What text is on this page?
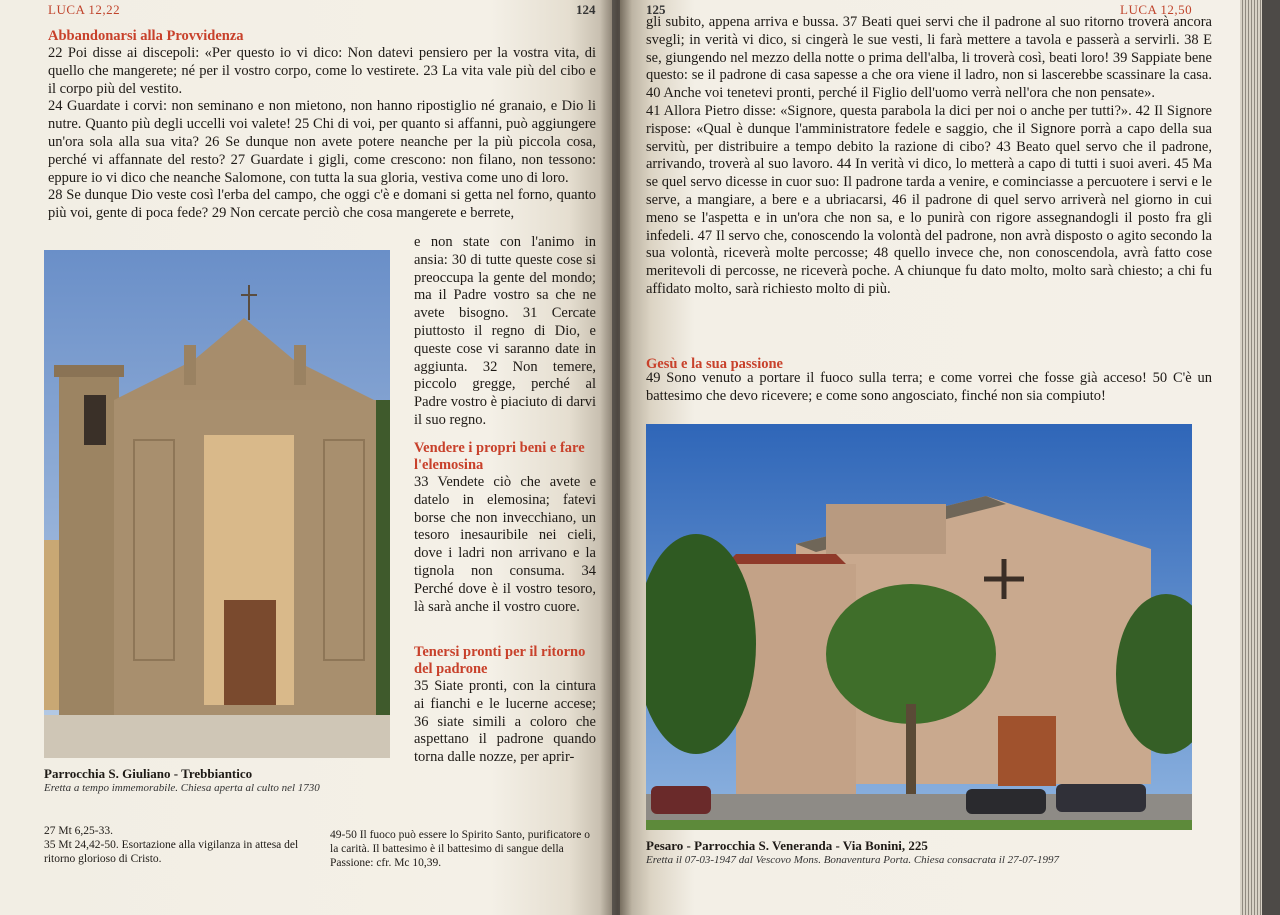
LUCA 12,22	124
Abbandonarsi alla Provvidenza

22 Poi disse ai discepoli: «Per questo io vi dico: Non datevi pensiero per la vostra vita, di quello che mangerete; né per il vostro corpo, come lo vestirete. 23 La vita vale più del cibo e il corpo più del vestito.

24 Guardate i corvi: non seminano e non mietono, non hanno ripostiglio né granaio, e Dio li nutre. Quanto più degli uccelli voi valete! 25 Chi di voi, per quanto si affanni, può aggiungere un'ora sola alla sua vita? 26 Se dunque non avete potere neanche per la più piccola cosa, perché vi affannate del resto? 27 Guardate i gigli, come crescono: non filano, non tessono: eppure io vi dico che neanche Salomone, con tutta la sua gloria, vestiva come uno di loro.

28 Se dunque Dio veste così l'erba del campo, che oggi c'è e domani si getta nel forno, quanto più voi, gente di poca fede? 29 Non cercate perciò che cosa mangerete e berrete,

Parrocchia S. Giuliano - Trebbiantico
Eretta a tempo immemorabile. Chiesa aperta al culto nel 1730
e non state con l'animo in ansia: 30 di tutte queste cose si preoccupa la gente del mondo; ma il Padre vostro sa che ne avete bisogno. 31 Cercate piuttosto il regno di Dio, e queste cose vi saranno date in aggiunta. 32 Non temere, piccolo gregge, perché al Padre vostro è piaciuto di darvi il suo regno.
Vendere i propri beni e fare l'elemosina
33 Vendete ciò che avete e datelo in elemosina; fatevi borse che non invecchiano, un tesoro inesauribile nei cieli, dove i ladri non arrivano e la tignola non consuma. 34 Perché dove è il vostro tesoro, là sarà anche il vostro cuore.
Tenersi pronti per il ritorno del padrone
35 Siate pronti, con la cintura ai fianchi e le lucerne accese; 36 siate simili a coloro che aspettano il padrone quando torna dalle nozze, per aprir-
27 Mt 6,25-33.
35 Mt 24,42-50. Esortazione alla vigilanza in attesa del ritorno glorioso di Cristo.
49-50 Il fuoco può essere lo Spirito Santo, purificatore o la carità. Il battesimo è il battesimo di sangue della Passione: cfr. Mc 10,39.
125	LUCA 12,50

gli subito, appena arriva e bussa. 37 Beati quei servi che il padrone al suo ritorno troverà ancora svegli; in verità vi dico, si cingerà le sue vesti, li farà mettere a tavola e passerà a servirli. 38 E se, giungendo nel mezzo della notte o prima dell'alba, li troverà così, beati loro! 39 Sappiate bene questo: se il padrone di casa sapesse a che ora viene il ladro, non si lascerebbe scassinare la casa. 40 Anche voi tenetevi pronti, perché il Figlio dell'uomo verrà nell'ora che non pensate».

41 Allora Pietro disse: «Signore, questa parabola la dici per noi o anche per tutti?». 42 Il Signore rispose: «Qual è dunque l'amministratore fedele e saggio, che il Signore porrà a capo della sua servitù, per distribuire a tempo debito la razione di cibo? 43 Beato quel servo che il padrone, arrivando, troverà al suo lavoro. 44 In verità vi dico, lo metterà a capo di tutti i suoi averi. 45 Ma se quel servo dicesse in cuor suo: Il padrone tarda a venire, e cominciasse a percuotere i servi e le serve, a mangiare, a bere e a ubriacarsi, 46 il padrone di quel servo arriverà nel giorno in cui meno se l'aspetta e in un'ora che non sa, e lo punirà con rigore assegnandogli il posto fra gli infedeli. 47 Il servo che, conoscendo la volontà del padrone, non avrà disposto o agito secondo la sua volontà, riceverà molte percosse; 48 quello invece che, non conoscendola, avrà fatto cose meritevoli di percosse, ne riceverà poche. A chiunque fu dato molto, molto sarà chiesto; a chi fu affidato molto, sarà richiesto molto di più.

Gesù e la sua passione
49 Sono venuto a portare il fuoco sulla terra; e come vorrei che fosse già acceso! 50 C'è un battesimo che devo ricevere; e come sono angosciato, finché non sia compiuto!
Pesaro - Parrocchia S. Veneranda - Via Bonini, 225
Eretta il 07-03-1947 dal Vescovo Mons. Bonaventura Porta. Chiesa consacrata il 27-07-1997
